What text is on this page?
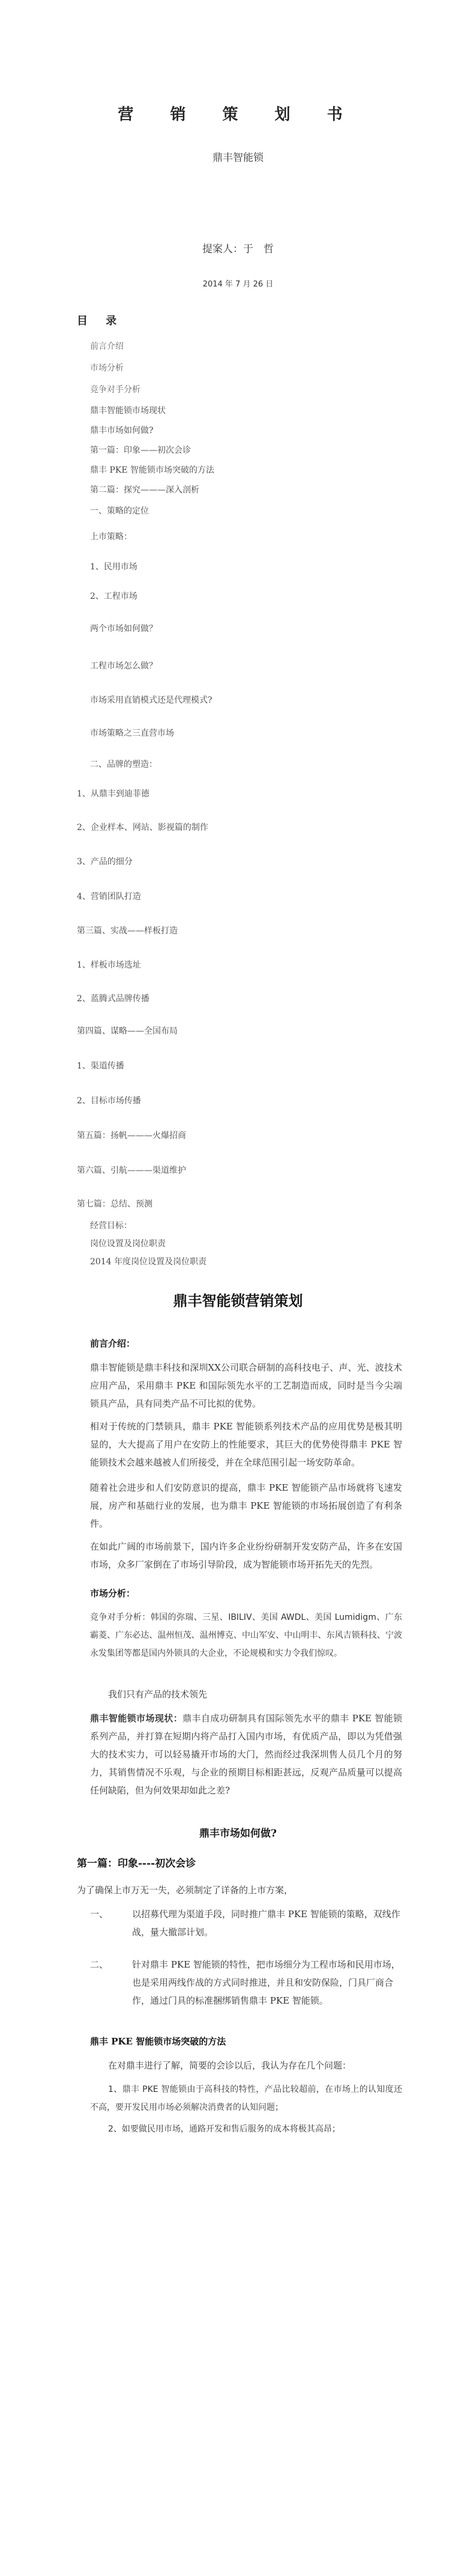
营 销 策 划 书
鼎丰智能锁
提案人：于　哲
2014 年 7 月 26 日
目 录
前言介绍
市场分析
竞争对手分析
鼎丰智能锁市场现状
鼎丰市场如何做?
第一篇：印象——初次会诊
鼎丰 PKE 智能锁市场突破的方法
第二篇：探究———深入剖析
一、策略的定位
上市策略：
1、民用市场
2、工程市场
两个市场如何做？
工程市场怎么做？
市场采用直销模式还是代理模式?
市场策略之三直营市场
二、品牌的塑造：
1、从鼎丰到迪菲德
2、企业样本、网站、影视篇的制作
3、产品的细分
4、营销团队打造
第三篇、实战——样板打造
1、样板市场选址
2、蓝腾式品牌传播
第四篇、谋略——全国布局
1、渠道传播
2、目标市场传播
第五篇：扬帆———火爆招商
第六篇、引航———渠道维护
第七篇：总结、预测
经营目标：
岗位设置及岗位职责
2014 年度岗位设置及岗位职责
鼎丰智能锁营销策划
前言介绍：
鼎丰智能锁是鼎丰科技和深圳XX公司联合研制的高科技电子、声、光、波技术应用产品，采用鼎丰 PKE 和国际领先水平的工艺制造而成，同时是当今尖端锁具产品，具有同类产品不可比拟的优势。
相对于传统的门禁锁具，鼎丰 PKE 智能锁系列技术产品的应用优势是极其明显的，大大提高了用户在安防上的性能要求，其巨大的优势使得鼎丰 PKE 智能锁技术会越来越被人们所接受，并在全球范围引起一场安防革命。
随着社会进步和人们安防意识的提高，鼎丰 PKE 智能锁产品市场就将飞速发展，房产和基础行业的发展，也为鼎丰 PKE 智能锁的市场拓展创造了有利条件。
在如此广阔的市场前景下，国内许多企业纷纷研制开发安防产品，许多在安国市场，众多厂家倒在了市场引导阶段，成为智能锁市场开拓先天的先烈。
市场分析：
竞争对手分析：韩国的弥瑞、三星、IBILIV、美国 AWDL、美国 Lumidigm、广东霸菱、广东必达、温州恒茂、温州博克、中山军安、中山明丰、东风吉锁科技、宁波永发集团等都是国内外锁具的大企业，不论规模和实力令我们惊叹。
我们只有产品的技术领先
鼎丰智能锁市场现状：鼎丰自成功研制具有国际领先水平的鼎丰 PKE 智能锁系列产品，并打算在短期内将产品打入国内市场，有优质产品，即以为凭借强大的技术实力，可以轻易撬开市场的大门，然而经过我深圳售人员几个月的努力，其销售情况不乐观，与企业的预期目标相距甚远，反观产品质量可以提高任何缺陷，但为何效果却如此之差?
鼎丰市场如何做?
第一篇：印象----初次会诊
为了确保上市万无一失，必须制定了详备的上市方案，
一、	以招募代理为渠道手段，同时推广鼎丰 PKE 智能锁的策略，双线作战，量大撤部计划。
二、	针对鼎丰 PKE 智能锁的特性，把市场细分为工程市场和民用市场，也是采用两线作战的方式同时推进，并且和安防保险，门具厂商合作，通过门具的标准捆绑销售鼎丰 PKE 智能锁。
鼎丰 PKE 智能锁市场突破的方法
在对鼎丰进行了解，简要的会诊以后，我认为存在几个问题：
1、鼎丰 PKE 智能锁由于高科技的特性，产品比较超前，在市场上的认知度还不高，要开发民用市场必须解决消费者的认知问题；
2、如要做民用市场，通路开发和售后服务的成本将极其高昂；
